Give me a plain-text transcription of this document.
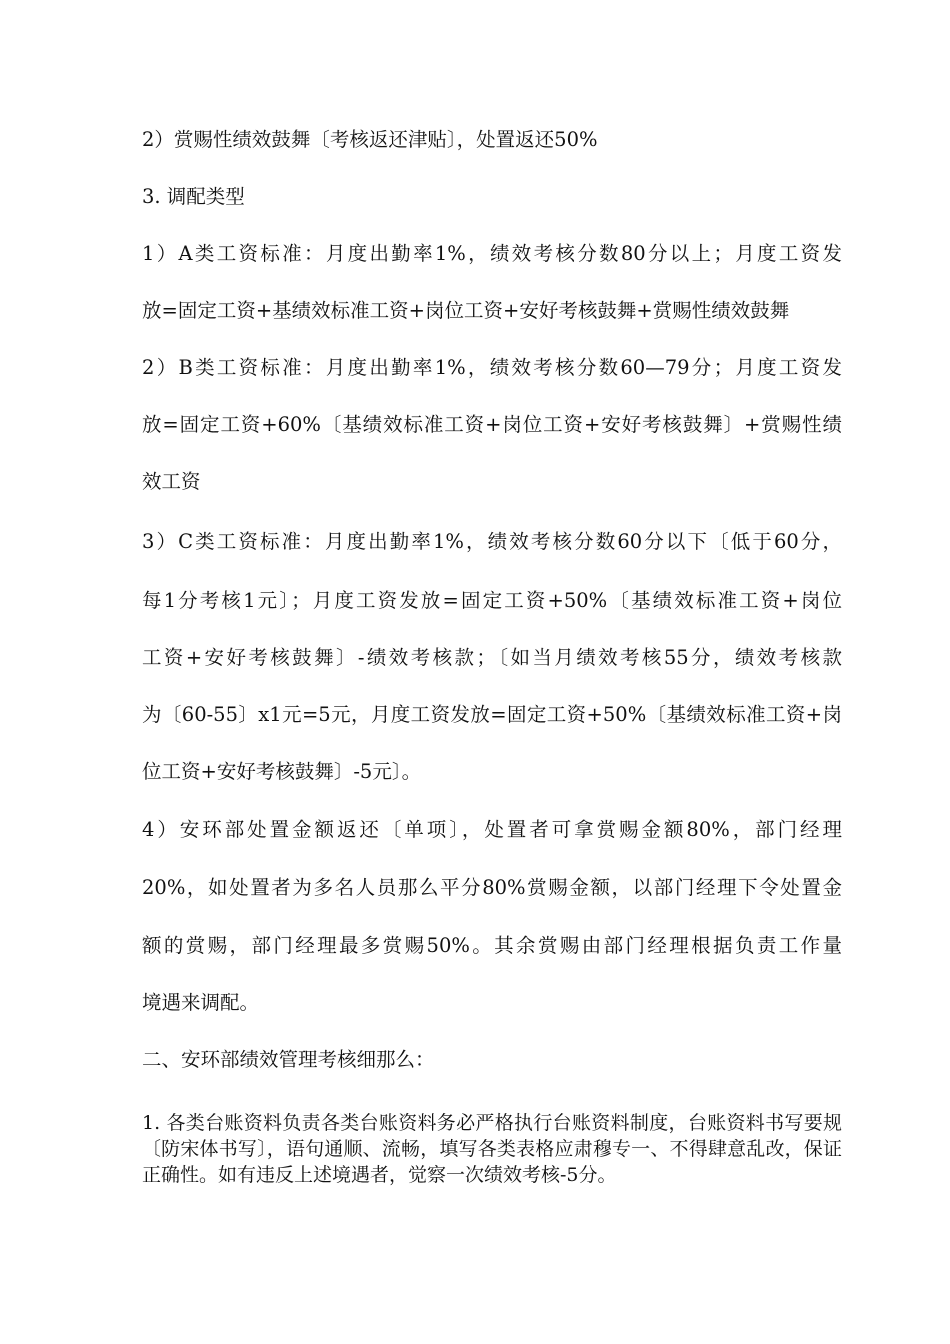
2）赏赐性绩效鼓舞〔考核返还津贴〕，处置返还50%
3. 调配类型
1）A类工资标准：月度出勤率1%，绩效考核分数80分以上；月度工资发
放=固定工资+基绩效标准工资+岗位工资+安好考核鼓舞+赏赐性绩效鼓舞
2）B类工资标准：月度出勤率1%，绩效考核分数60—79分；月度工资发
放=固定工资+60%〔基绩效标准工资+岗位工资+安好考核鼓舞〕+赏赐性绩
效工资
3）C类工资标准：月度出勤率1%，绩效考核分数60分以下〔低于60分，
每1分考核1元〕；月度工资发放=固定工资+50%〔基绩效标准工资+岗位
工资+安好考核鼓舞〕-绩效考核款；〔如当月绩效考核55分，绩效考核款
为〔60-55〕x1元=5元，月度工资发放=固定工资+50%〔基绩效标准工资+岗
位工资+安好考核鼓舞〕-5元〕。
4）安环部处置金额返还〔单项〕，处置者可拿赏赐金额80%，部门经理
20%，如处置者为多名人员那么平分80%赏赐金额，以部门经理下令处置金
额的赏赐，部门经理最多赏赐50%。其余赏赐由部门经理根据负责工作量
境遇来调配。
二、安环部绩效管理考核细那么：
1. 各类台账资料负责各类台账资料务必严格执行台账资料制度，台账资料书写要规〔防宋体书写〕，语句通顺、流畅，填写各类表格应肃穆专一、不得肆意乱改，保证正确性。如有违反上述境遇者，觉察一次绩效考核-5分。
